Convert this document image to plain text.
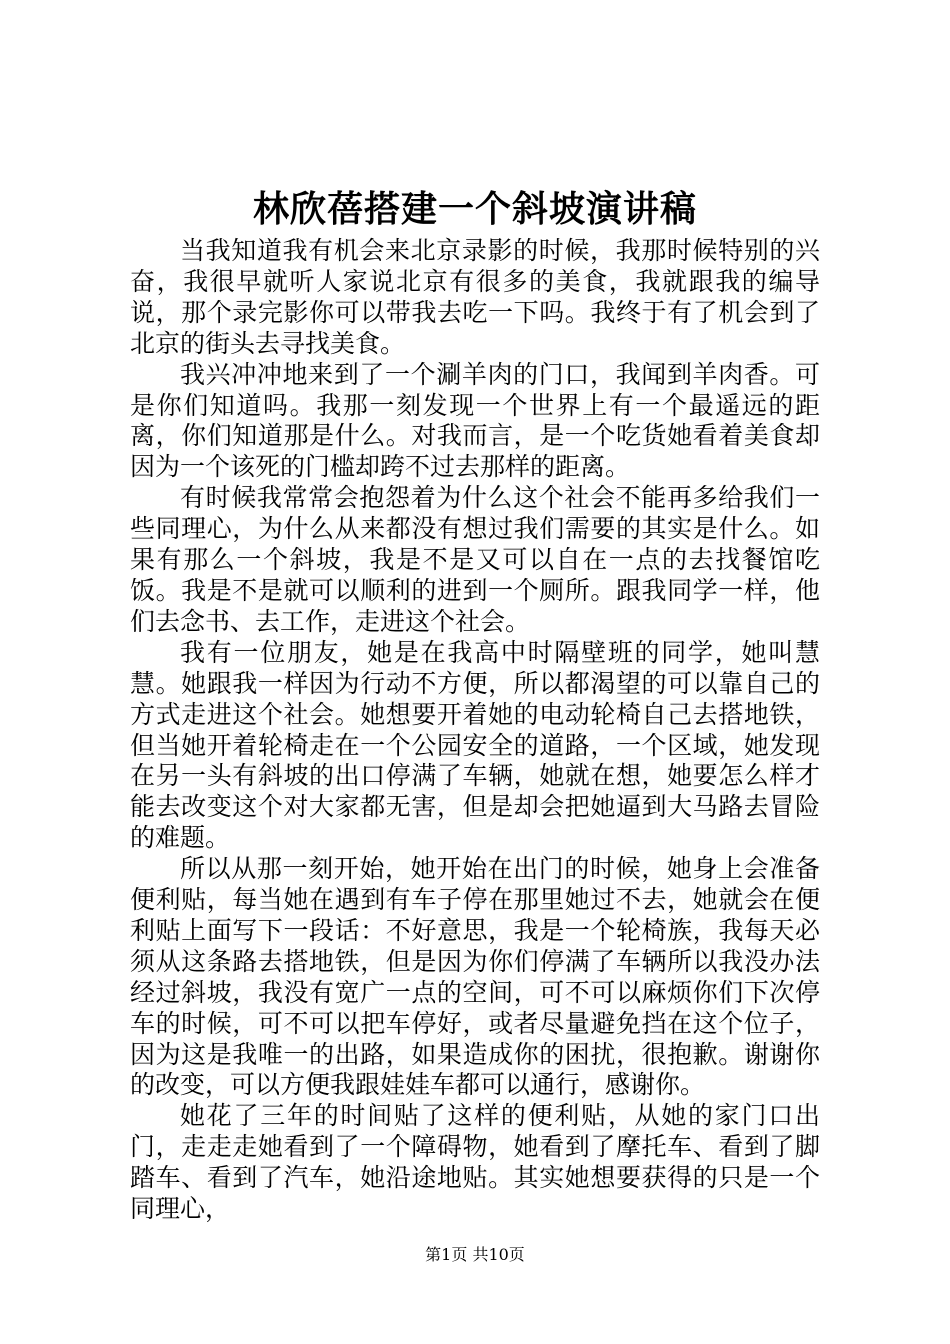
林欣蓓搭建一个斜坡演讲稿

当我知道我有机会来北京录影的时候，我那时候特别的兴奋，我很早就听人家说北京有很多的美食，我就跟我的编导说，那个录完影你可以带我去吃一下吗。我终于有了机会到了北京的街头去寻找美食。

我兴冲冲地来到了一个涮羊肉的门口，我闻到羊肉香。可是你们知道吗。我那一刻发现一个世界上有一个最遥远的距离，你们知道那是什么。对我而言，是一个吃货她看着美食却因为一个该死的门槛却跨不过去那样的距离。

有时候我常常会抱怨着为什么这个社会不能再多给我们一些同理心，为什么从来都没有想过我们需要的其实是什么。如果有那么一个斜坡，我是不是又可以自在一点的去找餐馆吃饭。我是不是就可以顺利的进到一个厕所。跟我同学一样，他们去念书、去工作，走进这个社会。

我有一位朋友，她是在我高中时隔壁班的同学，她叫慧慧。她跟我一样因为行动不方便，所以都渴望的可以靠自己的方式走进这个社会。她想要开着她的电动轮椅自己去搭地铁，但当她开着轮椅走在一个公园安全的道路，一个区域，她发现在另一头有斜坡的出口停满了车辆，她就在想，她要怎么样才能去改变这个对大家都无害，但是却会把她逼到大马路去冒险的难题。

所以从那一刻开始，她开始在出门的时候，她身上会准备便利贴，每当她在遇到有车子停在那里她过不去，她就会在便利贴上面写下一段话：不好意思，我是一个轮椅族，我每天必须从这条路去搭地铁，但是因为你们停满了车辆所以我没办法经过斜坡，我没有宽广一点的空间，可不可以麻烦你们下次停车的时候，可不可以把车停好，或者尽量避免挡在这个位子，因为这是我唯一的出路，如果造成你的困扰，很抱歉。谢谢你的改变，可以方便我跟娃娃车都可以通行，感谢你。

她花了三年的时间贴了这样的便利贴，从她的家门口出门，走走走她看到了一个障碍物，她看到了摩托车、看到了脚踏车、看到了汽车，她沿途地贴。其实她想要获得的只是一个同理心，

第1页 共10页
